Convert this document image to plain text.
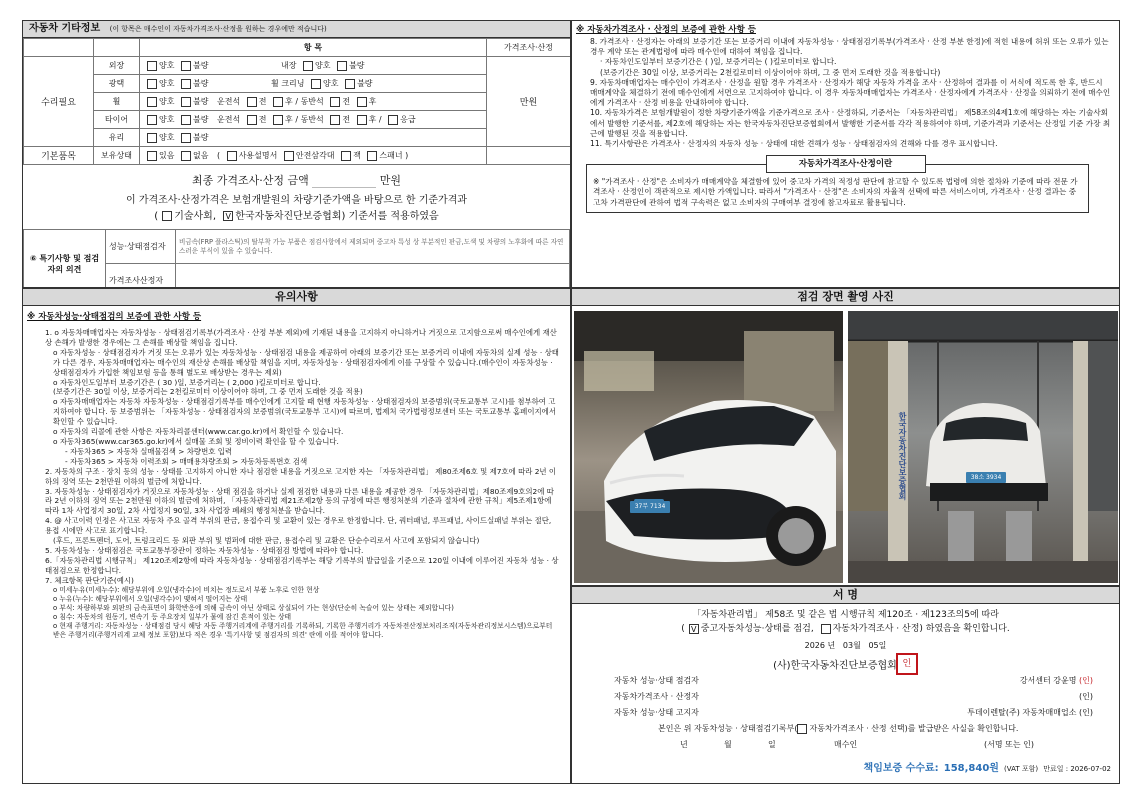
자동차 기타정보 (이 항목은 매수인이 자동차가격조사·산정을 원하는 경우에만 적습니다)
		항 목	가격조사·산정
수리필요	외장	양호 불량 내장 양호 불량	만원
	광택	양호 불량 휠 크리닝 양호 불량	
	휠	양호 불량 운전석 전 후 / 동반석 전 후	
	타이어	양호 불량 운전석 전 후 / 동반석 전 후 / 응급	
	유리	양호 불량	
기본품목	보유상태	있음 없음 ( 사용설명서 안전삼각대 잭 스패너 )	
최종 가격조사·산정 금액	만원
이 가격조사·산정가격은 보험개발원의 차량기준가액을 바탕으로 한 기준가격과
( 기술사회, V 한국자동차진단보증협회) 기준서를 적용하였음
⑥ 특기사항 및 점검자의 의견	성능·상태점검자	비금속(FRP 플라스틱)의 탈부착 가능 부품은 점검사항에서 제외되며 중고차 특성 상 부분적인 판금,도색 및 차량의 노후화에 따른 자연스러운 부식이 있을 수 있습니다.
	가격조사산정자	
※ 자동차가격조사 · 산정의 보증에 관한 사항 등
8. 가격조사 · 산정자는 아래의 보증기간 또는 보증거리 이내에 자동차성능 · 상태점검기록부(가격조사 · 산정 부분 한정)에 적힌 내용에 허위 또는 오류가 있는 경우 계약 또는 관계법령에 따라 매수인에 대하여 책임을 집니다.
· 자동차인도일부터 보증기간은 ( )일, 보증거리는 ( )킬로미터로 합니다.
(보증기간은 30일 이상, 보증거리는 2천킬로미터 이상이어야 하며, 그 중 먼저 도래한 것을 적용합니다)
9. 자동차매매업자는 매수인이 가격조사 · 산정을 원할 경우 가격조사 · 산정자가 해당 자동차 가격을 조사 · 산정하여 결과를 이 서식에 적도록 한 후, 반드시 매매계약을 체결하기 전에 매수인에게 서면으로 고지하여야 합니다. 이 경우 자동차매매업자는 가격조사 · 산정자에게 가격조사 · 산정을 의뢰하기 전에 매수인에게 가격조사 · 산정 비용을 안내하여야 합니다.
10. 자동차가격은 보험개발원이 정한 차량기준가액을 기준가격으로 조사 · 산정하되, 기준서는 「자동차관리법」 제58조의4제1호에 해당하는 자는 기술사회에서 발행한 기준서를, 제2호에 해당하는 자는 한국자동차진단보증협회에서 발행한 기준서를 각각 적용하여야 하며, 기준가격과 기준서는 산정일 기준 가장 최근에 발행된 것을 적용합니다.
11. 특기사항란은 가격조사 · 산정자의 자동차 성능 · 상태에 대한 견해가 성능 · 상태점검자의 견해와 다를 경우 표시합니다.
자동차가격조사·산정이란
※ "가격조사 · 산정"은 소비자가 매매계약을 체결함에 있어 중고차 가격의 적정성 판단에 참고할 수 있도록 법령에 의한 절차와 기준에 따라 전문 가격조사 · 산정인이 객관적으로 제시한 가액입니다. 따라서 "가격조사 · 산정"은 소비자의 자율적 선택에 따른 서비스이며, 가격조사 · 산정 결과는 중고차 가격판단에 관하여 법적 구속력은 없고 소비자의 구매여부 결정에 참고자료로 활용됩니다.
유의사항
※ 자동차성능·상태점검의 보증에 관한 사항 등
1. o 자동차매매업자는 자동차성능 · 상태점검기록부(가격조사 · 산정 부분 제외)에 기재된 내용을 고지하지 아니하거나 거짓으로 고지함으로써 매수인에게 재산상 손해가 발생한 경우에는 그 손해를 배상할 책임을 집니다.
o 자동차성능 · 상태점검자가 거짓 또는 오류가 있는 자동차성능 · 상태점검 내용을 제공하여 아래의 보증기간 또는 보증거리 이내에 자동차의 실제 성능 · 상태가 다른 경우, 자동차매매업자는 매수인의 재산상 손해를 배상할 책임을 지며, 자동차성능 · 상태점검자에게 이를 구상할 수 있습니다.(매수인이 자동차성능 · 상태점검자가 가입한 책임보험 등을 통해 별도로 배상받는 경우는 제외)
o 자동차인도일부터 보증기간은 ( 30 )일, 보증거리는 ( 2,000 )킬로미터로 합니다.
(보증기간은 30일 이상, 보증거리는 2천킬로미터 이상이어야 하며, 그 중 먼저 도래한 것을 적용)
o 자동차매매업자는 자동차 자동차성능 · 상태점검기록부를 매수인에게 고지할 때 현행 자동차성능 · 상태점검자의 보증범위(국토교통부 고시)를 첨부하여 고지하여야 합니다. 동 보증범위는 「자동차성능 · 상태점검자의 보증범위(국토교통부 고시)에 따르며, 법제처 국가법령정보센터 또는 국토교통부 홈페이지에서 확인할 수 있습니다.
o 자동차의 리콜에 관한 사항은 자동차리콜센터(www.car.go.kr)에서 확인할 수 있습니다.
o 자동차365(www.car365.go.kr)에서 실매물 조회 및 정비이력 확인을 할 수 있습니다.
- 자동차365 > 자동차 실매물검색 > 차량번호 입력
- 자동차365 > 자동차 이력조회 > 매매용차량조회 > 자동차등록번호 검색
2. 자동차의 구조 · 장치 등의 성능 · 상태를 고지하지 아니한 자나 점검한 내용을 거짓으로 고지한 자는 「자동차관리법」 제80조제6호 및 제7호에 따라 2년 이하의 징역 또는 2천만원 이하의 벌금에 처합니다.
3. 자동차성능 · 상태점검자가 거짓으로 자동차성능 · 상태 점검을 하거나 실제 점검한 내용과 다른 내용을 제공한 경우 「자동차관리법」제80조제9호의2에 따라 2년 이하의 징역 또는 2천만원 이하의 벌금에 처하며, 「자동차관리법 제21조제2항 등의 규정에 따른 행정처분의 기준과 절차에 관한 규칙」제5조제1항에 따라 1차 사업정지 30일, 2차 사업정지 90일, 3차 사업장 폐쇄의 행정처분을 받습니다.
4. @ 사고이력 인정은 사고로 자동차 주요 골격 부위의 판금, 용접수리 및 교환이 있는 경우로 한정합니다. 단, 쿼터패널, 루프패널, 사이드실패널 부위는 절단, 용접 시에만 사고로 표기합니다.
(후드, 프론트펜더, 도어, 트렁크리드 등 외판 부위 및 범퍼에 대한 판금, 용접수리 및 교환은 단순수리로서 사고에 포함되지 않습니다)
5. 자동차성능 · 상태점검은 국토교통부장관이 정하는 자동차성능 · 상태점검 방법에 따라야 합니다.
6.「자동차관리법 시행규칙」 제120조제2항에 따라 자동차성능 · 상태점검기록부는 해당 기록부의 발급일을 기준으로 120일 이내에 이루어진 자동차 성능 · 상태점검으로 한정합니다.
7. 체크항목 판단기준(예시)
o 미세누유(미세누수): 해당부위에 오일(냉각수)이 비치는 정도로서 부품 노후로 인한 현상
o 누유(누수): 해당부위에서 오일(냉각수)이 맺혀서 떨어지는 상태
o 부식: 차량하부와 외판의 금속표면이 화학반응에 의해 금속이 아닌 상태로 상실되어 가는 현상(단순히 녹슬어 있는 상태는 제외합니다)
o 침수: 자동차의 원동기, 변속기 등 주요장치 일부가 물에 잠긴 흔적이 있는 상태
o 현재 주행거리: 자동차성능 · 상태점검 당시 해당 자동 주행거리계에 주행거리를 기록하되, 기록한 주행거리가 자동차전산정보처리조직(자동차관리정보시스템)으로부터 받은 주행거리(주행거리계 교체 정보 포함)보다 적은 경우 '특기사항 및 점검자의 의견' 란에 이를 적어야 합니다.
점검 장면 촬영 사진
37무 7134
38소 3934
한국자동차진단보증협회
서 명
「자동차관리법」 제58조 및 같은 법 시행규칙 제120조 · 제123조의5에 따라
( V 중고자동차성능·상태를 점검, 자동차가격조사 · 산정) 하였음을 확인합니다.
2026 년 03월 05일
(사)한국자동차진단보증협회 인
자동차 성능·상태 점검자	강서센터 강윤명 (인)
자동차가격조사 · 산정자	(인)
자동차 성능·상태 고지자	투데이렌탈(주) 자동차매매업소 (인)
본인은 위 자동차성능 · 상태점검기록부( 자동차가격조사 · 산정 선택)를 발급받은 사실을 확인합니다.
년	월	일	매수인	(서명 또는 인)
책임보증 수수료: 158,840원 (VAT 포함) 만료일 : 2026-07-02
